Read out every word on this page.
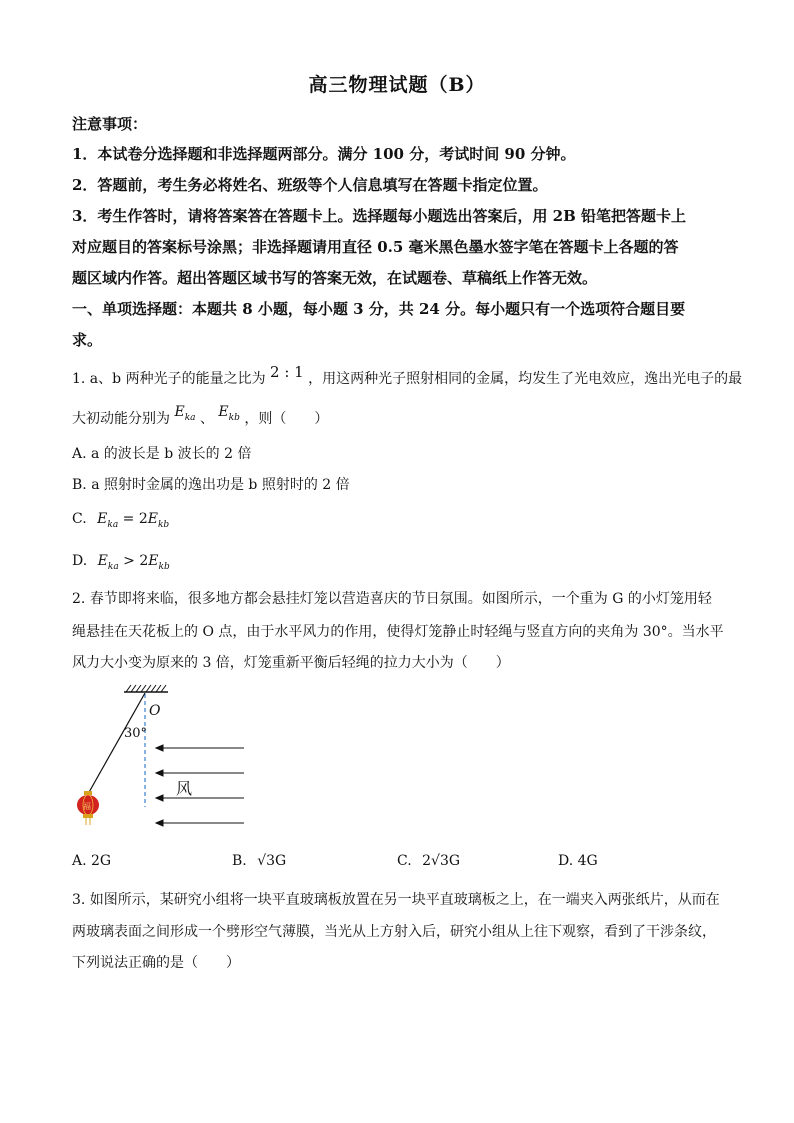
高三物理试题（B）
注意事项：
1．本试卷分选择题和非选择题两部分。满分 100 分，考试时间 90 分钟。
2．答题前，考生务必将姓名、班级等个人信息填写在答题卡指定位置。
3．考生作答时，请将答案答在答题卡上。选择题每小题选出答案后，用 2B 铅笔把答题卡上
对应题目的答案标号涂黑；非选择题请用直径 0.5 毫米黑色墨水签字笔在答题卡上各题的答
题区域内作答。超出答题区域书写的答案无效，在试题卷、草稿纸上作答无效。
一、单项选择题：本题共 8 小题，每小题 3 分，共 24 分。每小题只有一个选项符合题目要
求。
1. a、b 两种光子的能量之比为 2 : 1 ，用这两种光子照射相同的金属，均发生了光电效应，逸出光电子的最
大初动能分别为 $E_{ka}$ 、 $E_{kb}$ ，则（　　）
A. a 的波长是 b 波长的 2 倍
B. a 照射时金属的逸出功是 b 照射时的 2 倍
C. $E_{ka} = 2E_{kb}$
D. $E_{ka} > 2E_{kb}$
2. 春节即将来临，很多地方都会悬挂灯笼以营造喜庆的节日氛围。如图所示，一个重为 G 的小灯笼用轻
绳悬挂在天花板上的 O 点，由于水平风力的作用，使得灯笼静止时轻绳与竖直方向的夹角为 30°。当水平
风力大小变为原来的 3 倍，灯笼重新平衡后轻绳的拉力大小为（　　）
O
30°
风
福
A. 2G	B. √3G	C. 2√3G	D. 4G
3. 如图所示，某研究小组将一块平直玻璃板放置在另一块平直玻璃板之上，在一端夹入两张纸片，从而在
两玻璃表面之间形成一个劈形空气薄膜，当光从上方射入后，研究小组从上往下观察，看到了干涉条纹，
下列说法正确的是（　　）
